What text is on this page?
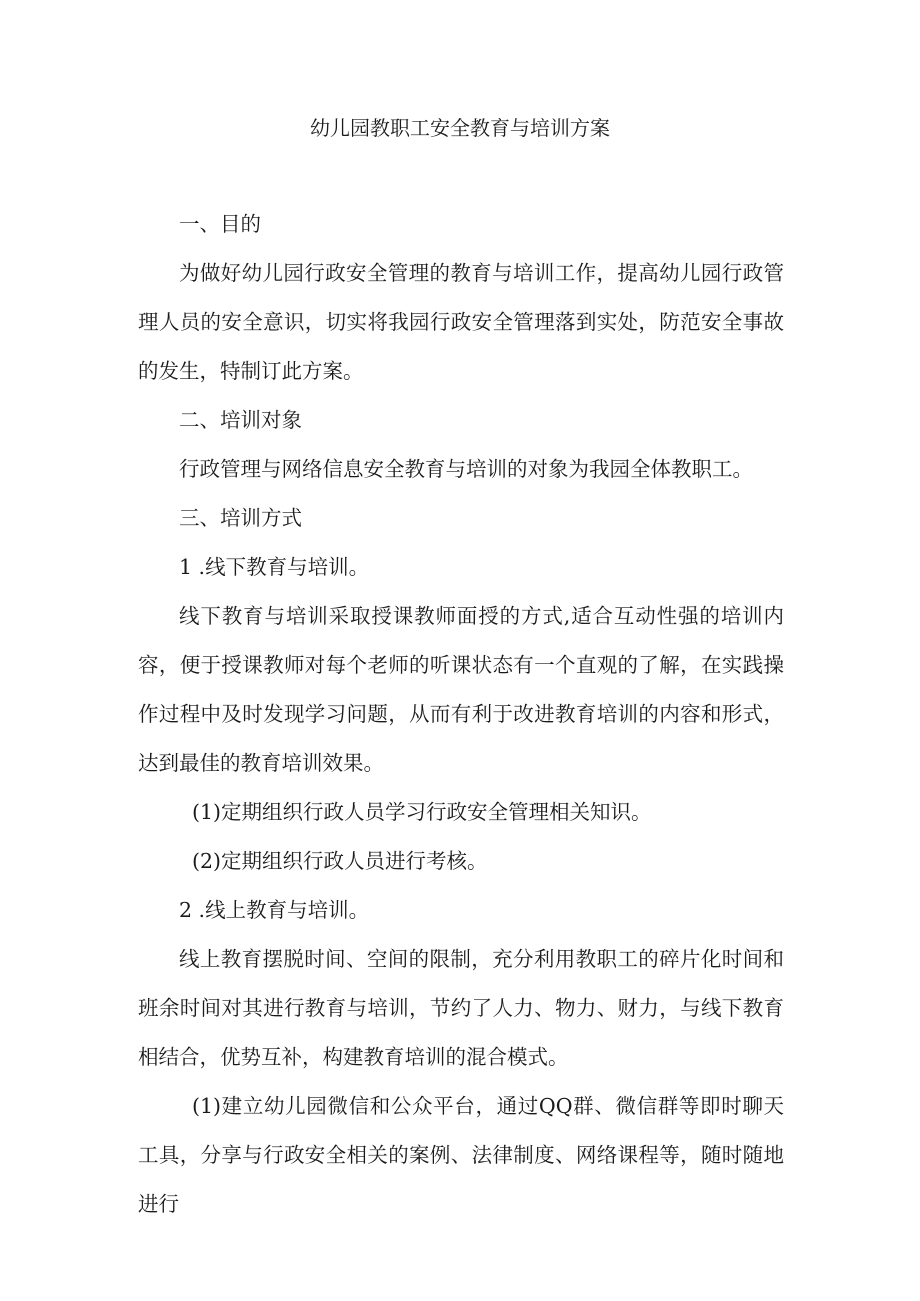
幼儿园教职工安全教育与培训方案

一、目的

为做好幼儿园行政安全管理的教育与培训工作，提高幼儿园行政管理人员的安全意识，切实将我园行政安全管理落到实处，防范安全事故的发生，特制订此方案。

二、培训对象

行政管理与网络信息安全教育与培训的对象为我园全体教职工。

三、培训方式

1 .线下教育与培训。

线下教育与培训采取授课教师面授的方式,适合互动性强的培训内容，便于授课教师对每个老师的听课状态有一个直观的了解，在实践操作过程中及时发现学习问题，从而有利于改进教育培训的内容和形式，达到最佳的教育培训效果。

(1)定期组织行政人员学习行政安全管理相关知识。

(2)定期组织行政人员进行考核。

2 .线上教育与培训。

线上教育摆脱时间、空间的限制，充分利用教职工的碎片化时间和班余时间对其进行教育与培训，节约了人力、物力、财力，与线下教育相结合，优势互补，构建教育培训的混合模式。

(1)建立幼儿园微信和公众平台，通过QQ群、微信群等即时聊天工具，分享与行政安全相关的案例、法律制度、网络课程等，随时随地进行
